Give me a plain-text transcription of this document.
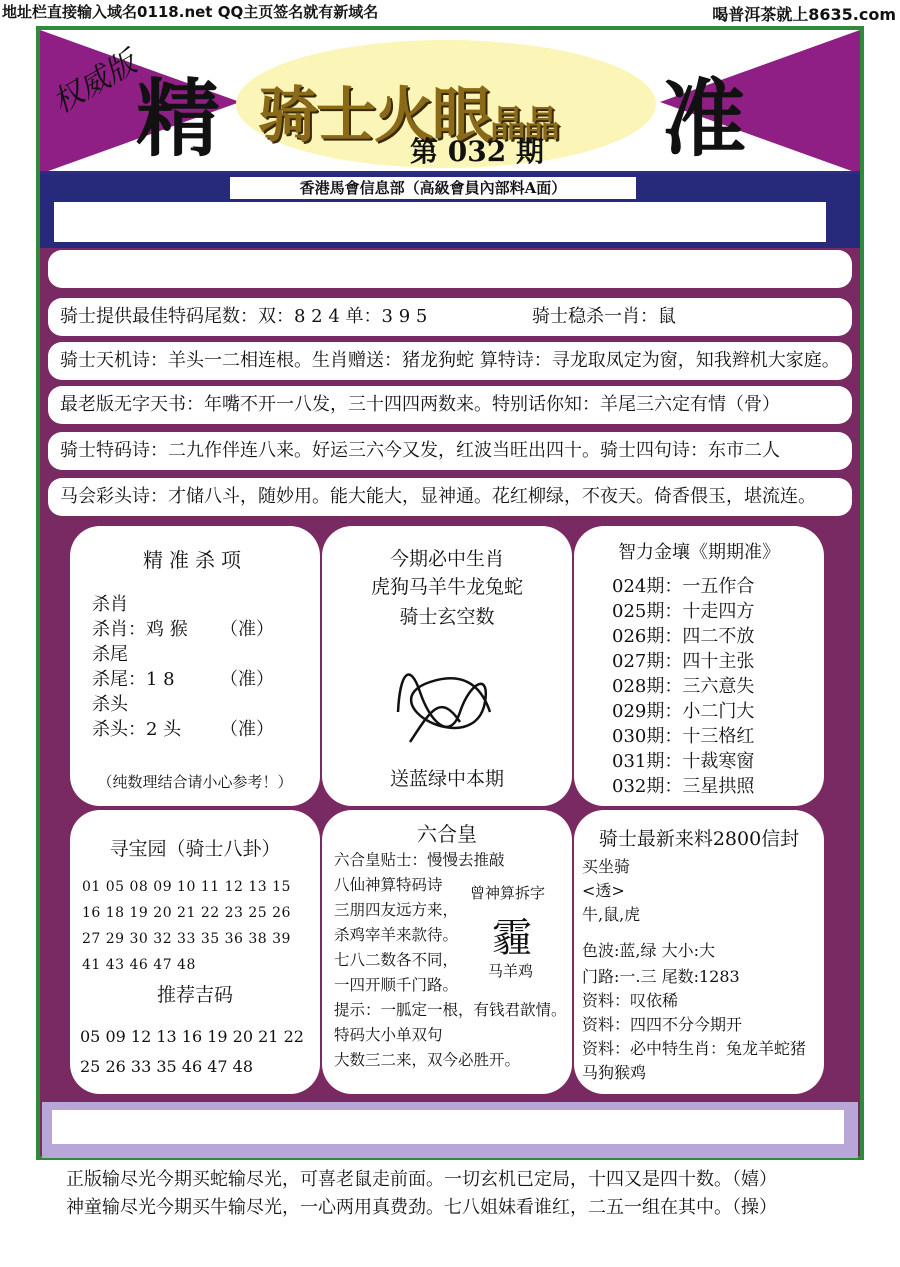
地址栏直接输入域名0118.net QQ主页签名就有新域名	喝普洱茶就上8635.com
权威版
精 骑士火眼晶晶
第 032 期 准
香港馬會信息部（高級會員內部料A面）
骑士提供最佳特码尾数：双：8 2 4 单：3 9 5	骑士稳杀一肖：鼠
骑士天机诗：羊头一二相连根。生肖赠送：猪龙狗蛇 算特诗：寻龙取凤定为窗，知我辫机大家庭。
最老版无字天书：年嘴不开一八发，三十四四两数来。特别话你知：羊尾三六定有情（骨）
骑士特码诗：二九作伴连八来。好运三六今又发，红波当旺出四十。骑士四句诗：东市二人
马会彩头诗：才储八斗，随妙用。能大能大，显神通。花红柳绿，不夜天。倚香偎玉，堪流连。
精准杀项
杀肖
杀肖：鸡 猴 （准）
杀尾
杀尾：1 8	（准）
杀头
杀头：2 头 （准）
（纯数理结合请小心参考！）
今期必中生肖
虎狗马羊牛龙兔蛇
骑士玄空数
送蓝绿中本期
智力金壤《期期准》
024期：一五作合
025期：十走四方
026期：四二不放
027期：四十主张
028期：三六意失
029期：小二门大
030期：十三格红
031期：十裁寒窗
032期：三星拱照
寻宝园（骑士八卦）
01 05 08 09 10 11 12 13 15 16 18 19 20 21 22 23 25 26 27 29 30 32 33 35 36 38 39 41 43 46 47 48
推荐吉码
05 09 12 13 16 19 20 21 22 25 26 33 35 46 47 48
六合皇
六合皇贴士：慢慢去推敲
八仙神算特码诗
三朋四友远方来，
杀鸡宰羊来款待。
七八二数各不同，
一四开顺千门路。
提示：一胍定一根，有钱君歆情。
特码大小单双句
大数三二来，双今必胜开。
曾神算拆字
霾
马羊鸡
骑士最新来料2800信封
买坐骑
<透>
牛,鼠,虎
色波:蓝,绿 大小:大
门路:一.三 尾数:1283
资料：叹依稀
资料：四四不分今期开
资料：必中特生肖：兔龙羊蛇猪
马狗猴鸡
正版输尽光今期买蛇输尽光，可喜老鼠走前面。一切玄机已定局，十四又是四十数。（嬉）
神童输尽光今期买牛输尽光，一心两用真费劲。七八姐妹看谁红，二五一组在其中。（操）
